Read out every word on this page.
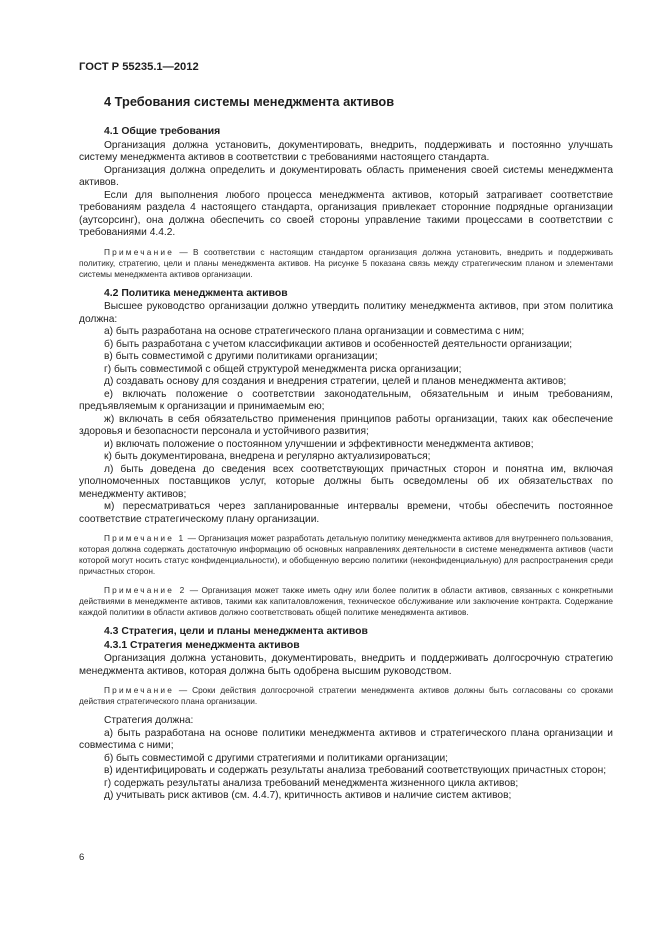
ГОСТ Р 55235.1—2012
4 Требования системы менеджмента активов
4.1 Общие требования

Организация должна установить, документировать, внедрить, поддерживать и постоянно улучшать систему менеджмента активов в соответствии с требованиями настоящего стандарта.

Организация должна определить и документировать область применения своей системы менеджмента активов.

Если для выполнения любого процесса менеджмента активов, который затрагивает соответствие требованиям раздела 4 настоящего стандарта, организация привлекает сторонние подрядные организации (аутсорсинг), она должна обеспечить со своей стороны управление такими процессами в соответствии с требованиями 4.4.2.

Примечание — В соответствии с настоящим стандартом организация должна установить, внедрить и поддерживать политику, стратегию, цели и планы менеджмента активов. На рисунке 5 показана связь между стратегическим планом и элементами системы менеджмента активов организации.

4.2 Политика менеджмента активов

Высшее руководство организации должно утвердить политику менеджмента активов, при этом политика должна:

а) быть разработана на основе стратегического плана организации и совместима с ним;

б) быть разработана с учетом классификации активов и особенностей деятельности организации;

в) быть совместимой с другими политиками организации;

г) быть совместимой с общей структурой менеджмента риска организации;

д) создавать основу для создания и внедрения стратегии, целей и планов менеджмента активов;

е) включать положение о соответствии законодательным, обязательным и иным требованиям, предъявляемым к организации и принимаемым ею;

ж) включать в себя обязательство применения принципов работы организации, таких как обеспечение здоровья и безопасности персонала и устойчивого развития;

и) включать положение о постоянном улучшении и эффективности менеджмента активов;

к) быть документирована, внедрена и регулярно актуализироваться;

л) быть доведена до сведения всех соответствующих причастных сторон и понятна им, включая уполномоченных поставщиков услуг, которые должны быть осведомлены об их обязательствах по менеджменту активов;

м) пересматриваться через запланированные интервалы времени, чтобы обеспечить постоянное соответствие стратегическому плану организации.

Примечание 1 — Организация может разработать детальную политику менеджмента активов для внутреннего пользования, которая должна содержать достаточную информацию об основных направлениях деятельности в системе менеджмента активов (части которой могут носить статус конфиденциальности), и обобщенную версию политики (неконфиденциальную) для распространения среди причастных сторон.

Примечание 2 — Организация может также иметь одну или более политик в области активов, связанных с конкретными действиями в менеджменте активов, такими как капиталовложения, техническое обслуживание или заключение контракта. Содержание каждой политики в области активов должно соответствовать общей политике менеджмента активов.

4.3 Стратегия, цели и планы менеджмента активов
4.3.1 Стратегия менеджмента активов

Организация должна установить, документировать, внедрить и поддерживать долгосрочную стратегию менеджмента активов, которая должна быть одобрена высшим руководством.

Примечание — Сроки действия долгосрочной стратегии менеджмента активов должны быть согласованы со сроками действия стратегического плана организации.

Стратегия должна:

а) быть разработана на основе политики менеджмента активов и стратегического плана организации и совместима с ними;

б) быть совместимой с другими стратегиями и политиками организации;

в) идентифицировать и содержать результаты анализа требований соответствующих причастных сторон;

г) содержать результаты анализа требований менеджмента жизненного цикла активов;

д) учитывать риск активов (см. 4.4.7), критичность активов и наличие систем активов;

6
